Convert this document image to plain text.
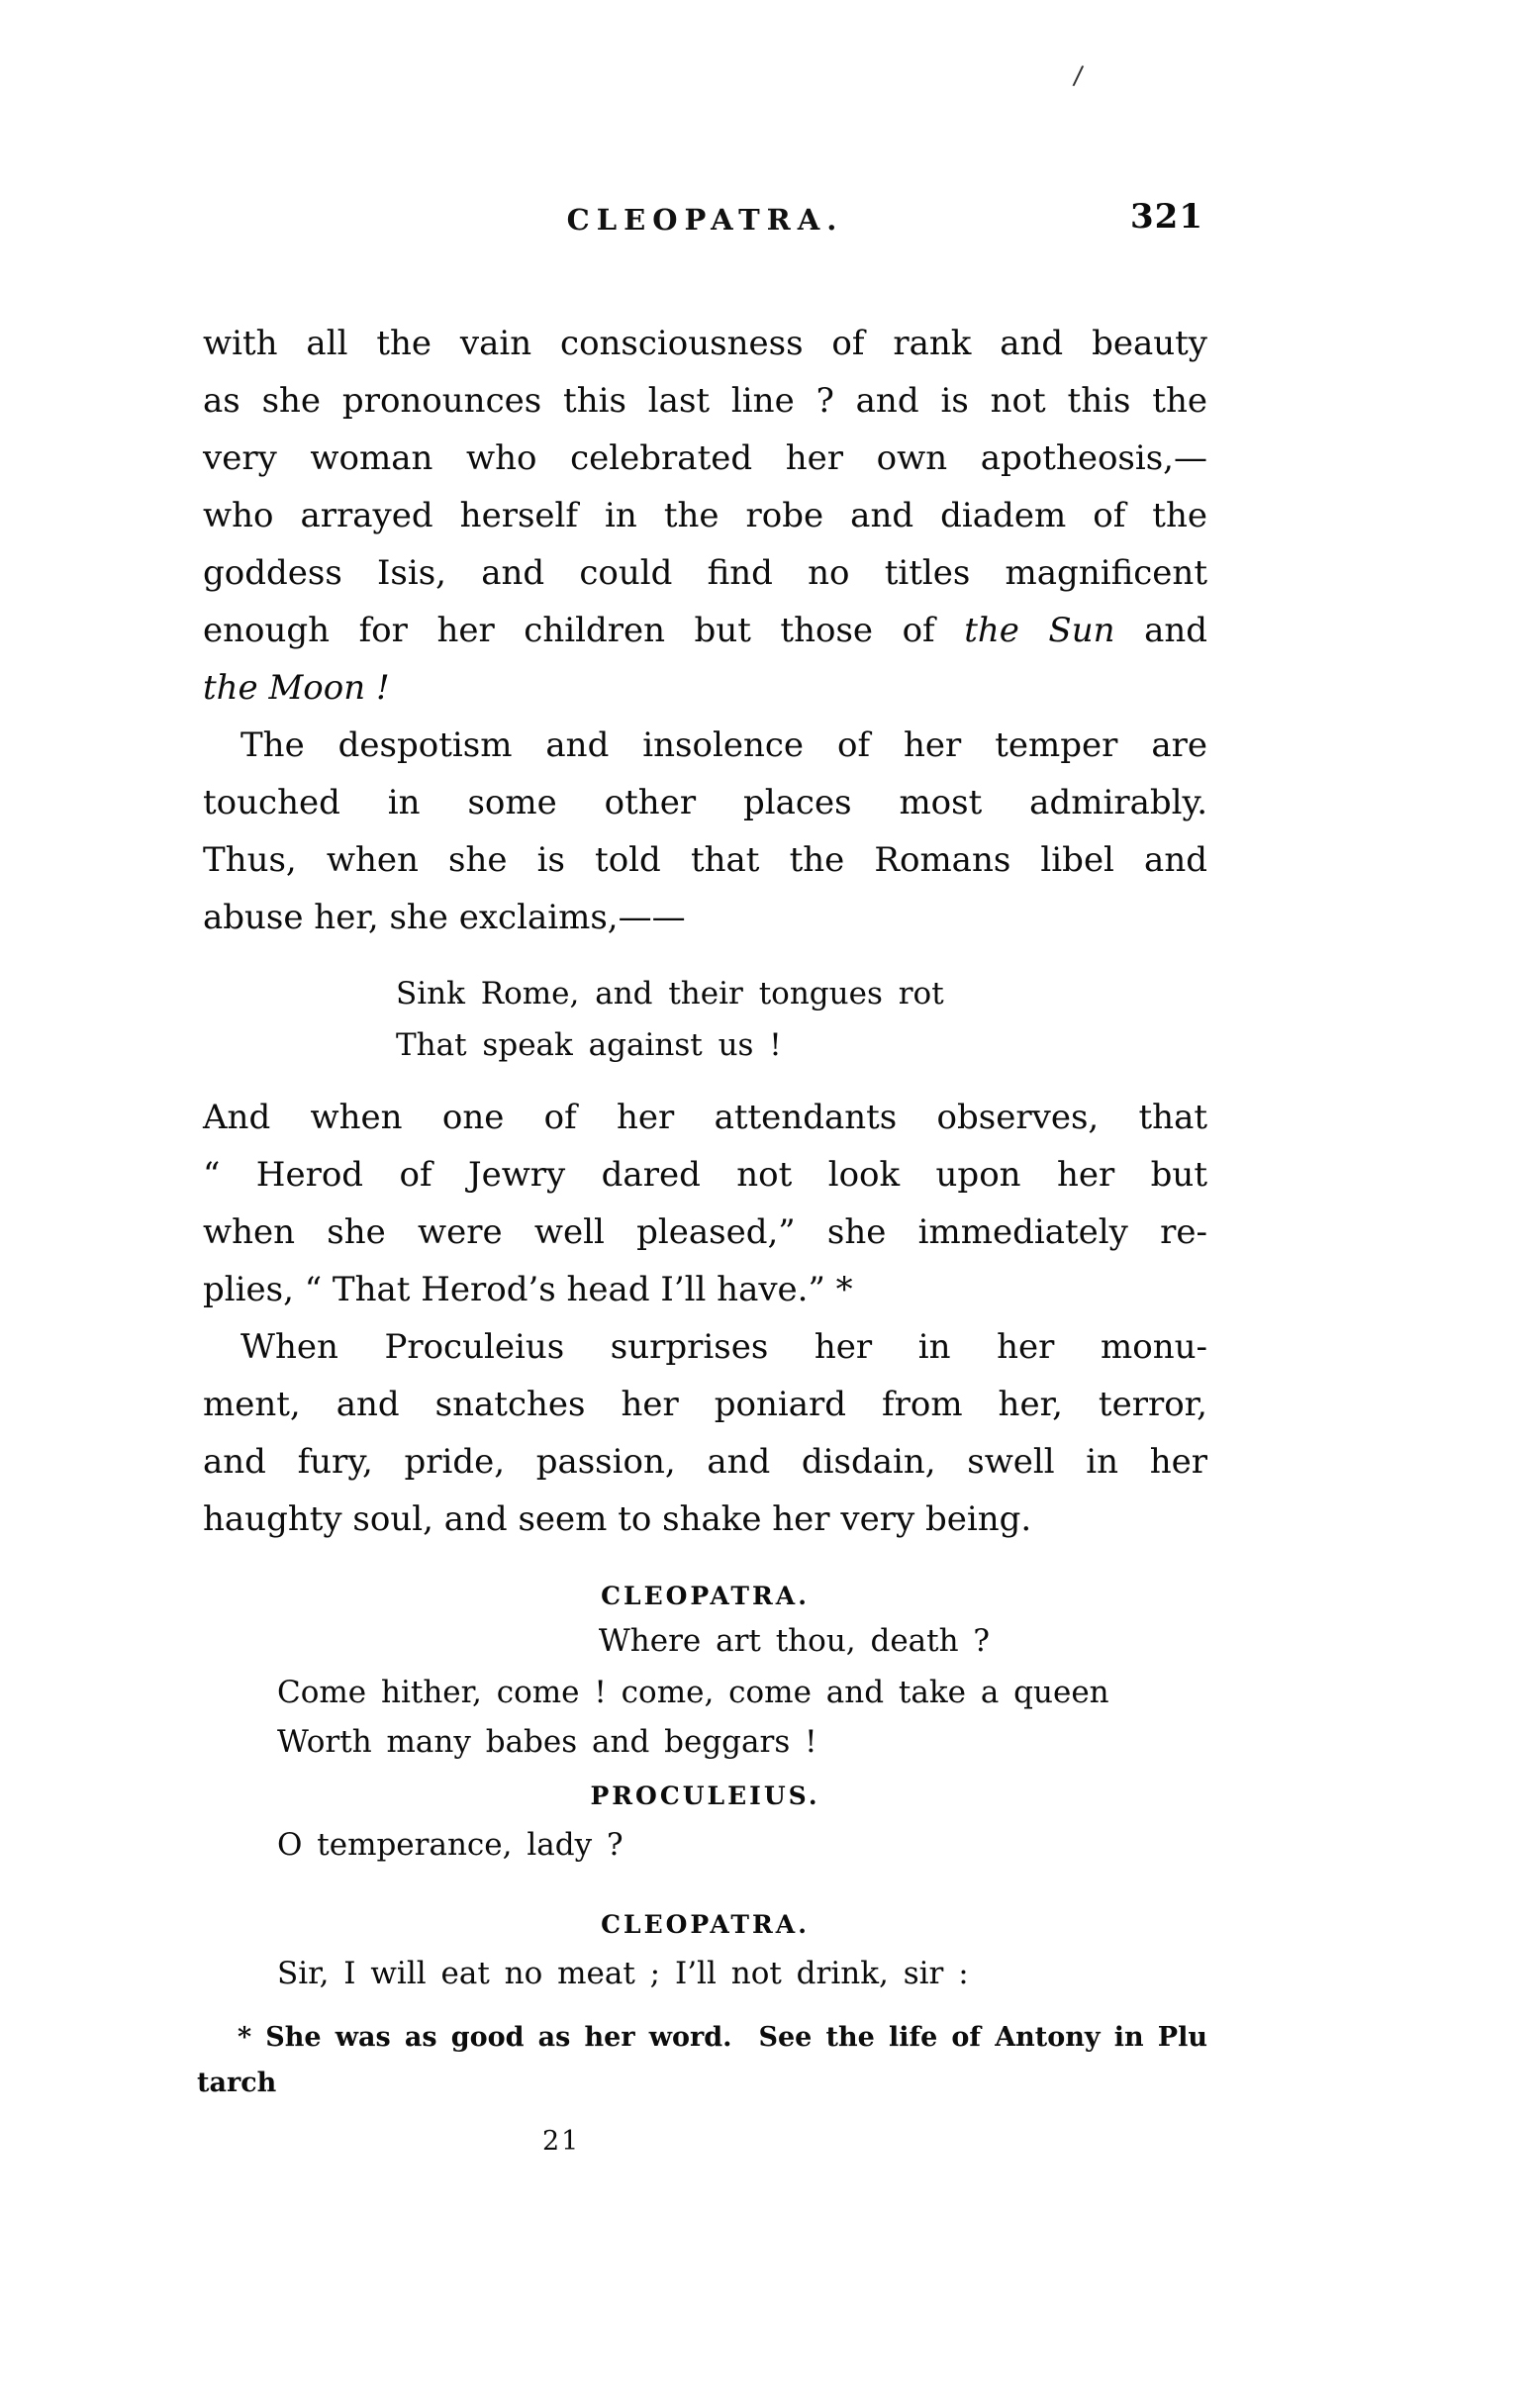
/
CLEOPATRA.	321
with all the vain consciousness of rank and beauty
as she pronounces this last line ? and is not this the
very woman who celebrated her own apotheosis,—
who arrayed herself in the robe and diadem of the
goddess Isis, and could find no titles magnificent
enough for her children but those of the Sun and
the Moon !
The despotism and insolence of her temper are
touched in some other places most admirably.
Thus, when she is told that the Romans libel and
abuse her, she exclaims,——
Sink Rome, and their tongues rot
That speak against us !
And when one of her attendants observes, that
“ Herod of Jewry dared not look upon her but
when she were well pleased,” she immediately re-
plies, “ That Herod’s head I’ll have.” *
When Proculeius surprises her in her monu-
ment, and snatches her poniard from her, terror,
and fury, pride, passion, and disdain, swell in her
haughty soul, and seem to shake her very being.
CLEOPATRA.
Where art thou, death ?
Come hither, come ! come, come and take a queen
Worth many babes and beggars !
PROCULEIUS.
O temperance, lady ?
CLEOPATRA.
Sir, I will eat no meat ; I’ll not drink, sir :
* She was as good as her word. See the life of Antony in Plu
tarch
21
